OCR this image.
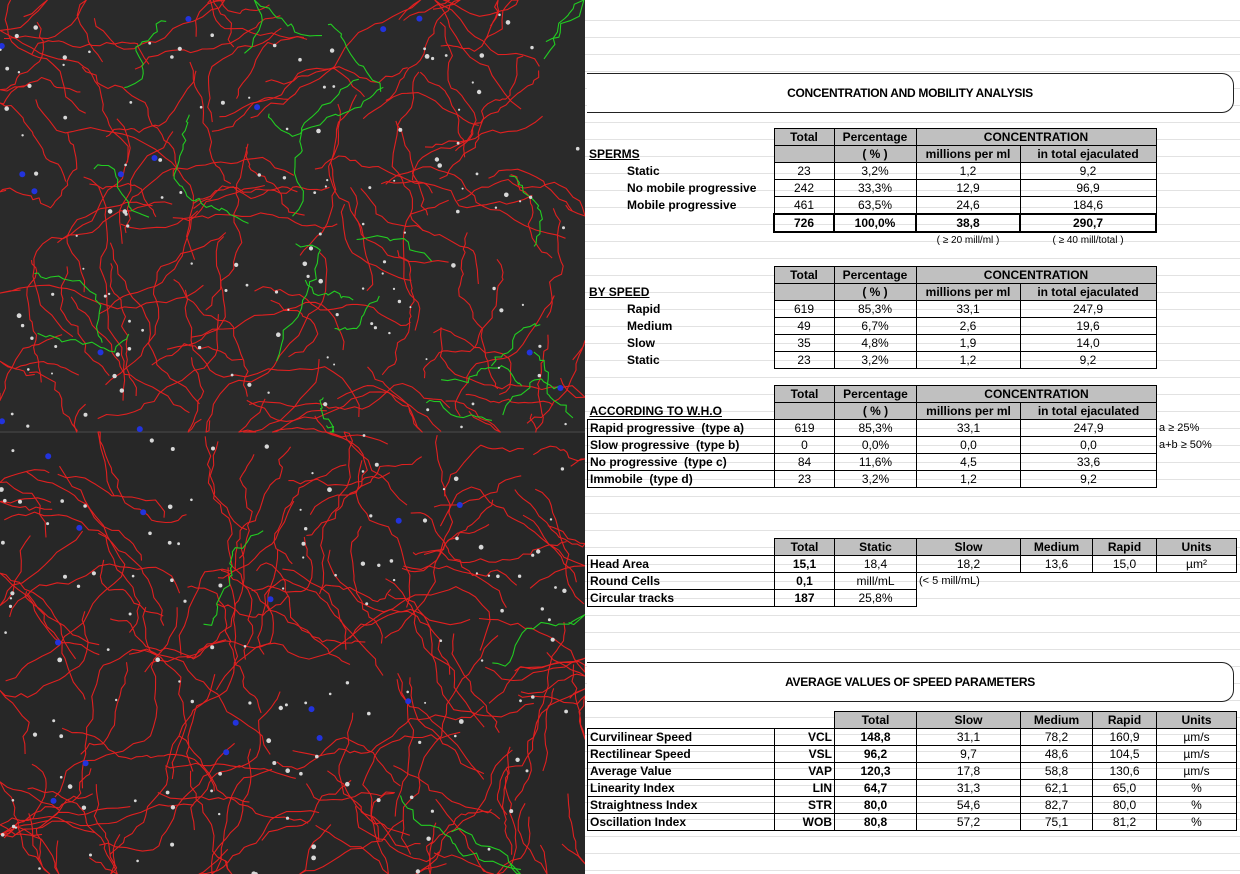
CONCENTRATION AND MOBILITY ANALYSIS
	Total	Percentage	CONCENTRATION	
SPERMS		( % )	millions per ml	in total ejaculated
Static	23	3,2%	1,2	9,2
No mobile progressive	242	33,3%	12,9	96,9
Mobile progressive	461	63,5%	24,6	184,6
	726	100,0%	38,8	290,7
			( ≥ 20 mill/ml )	( ≥ 40 mill/total )
	Total	Percentage	CONCENTRATION	
BY SPEED		( % )	millions per ml	in total ejaculated
Rapid	619	85,3%	33,1	247,9
Medium	49	6,7%	2,6	19,6
Slow	35	4,8%	1,9	14,0
Static	23	3,2%	1,2	9,2
	Total	Percentage	CONCENTRATION		
ACCORDING TO W.H.O		( % )	millions per ml	in total ejaculated	
Rapid progressive (type a)	619	85,3%	33,1	247,9	a ≥ 25%
Slow progressive (type b)	0	0,0%	0,0	0,0	a+b ≥ 50%
No progressive (type c)	84	11,6%	4,5	33,6	
Immobile (type d)	23	3,2%	1,2	9,2	
	Total	Static	Slow	Medium	Rapid	Units
Head Area	15,1	18,4	18,2	13,6	15,0	µm²
Round Cells	0,1	mill/mL	(< 5 mill/mL)			
Circular tracks	187	25,8%				
AVERAGE VALUES OF SPEED PARAMETERS
		Total	Slow	Medium	Rapid	Units
Curvilinear Speed	VCL	148,8	31,1	78,2	160,9	µm/s
Rectilinear Speed	VSL	96,2	9,7	48,6	104,5	µm/s
Average Value	VAP	120,3	17,8	58,8	130,6	µm/s
Linearity Index	LIN	64,7	31,3	62,1	65,0	%
Straightness Index	STR	80,0	54,6	82,7	80,0	%
Oscillation Index	WOB	80,8	57,2	75,1	81,2	%
